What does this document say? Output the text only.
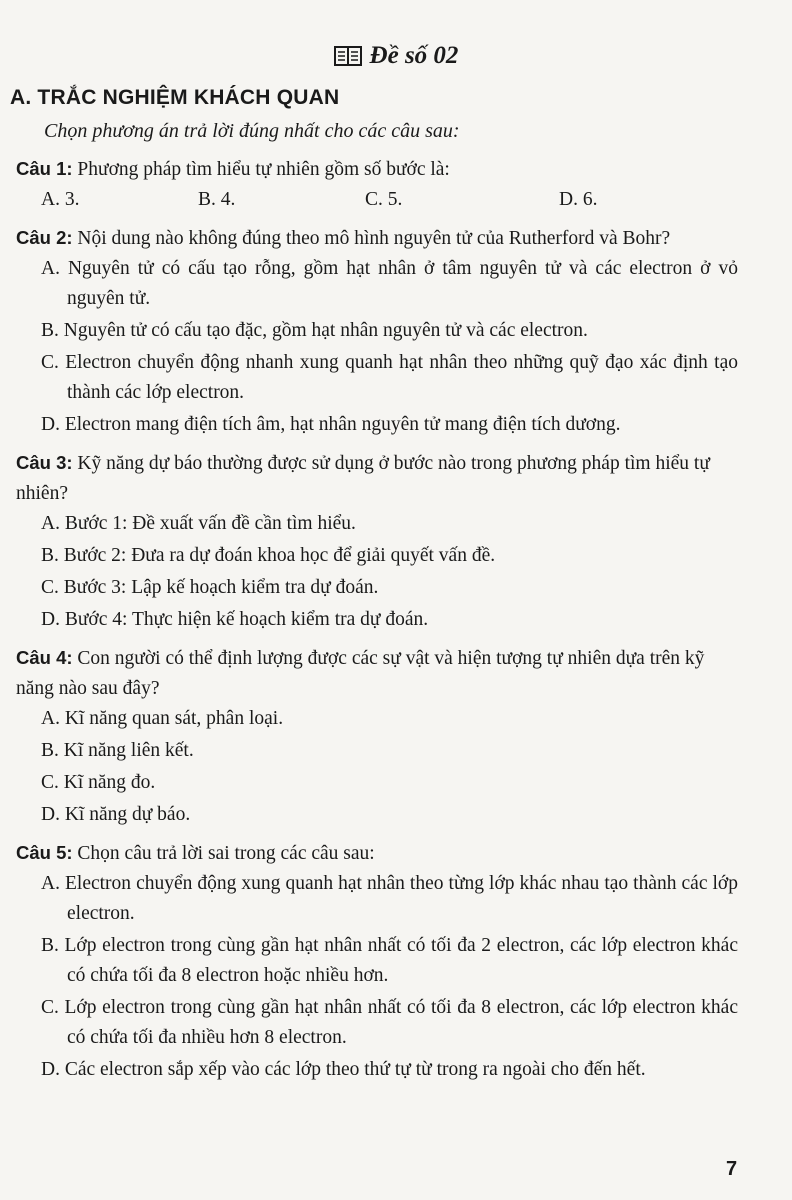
Đề số 02
A. TRẮC NGHIỆM KHÁCH QUAN
Chọn phương án trả lời đúng nhất cho các câu sau:

Câu 1: Phương pháp tìm hiểu tự nhiên gồm số bước là:

A. 3.	B. 4.	C. 5.	D. 6.

Câu 2: Nội dung nào không đúng theo mô hình nguyên tử của Rutherford và Bohr?

A. Nguyên tử có cấu tạo rỗng, gồm hạt nhân ở tâm nguyên tử và các electron ở vỏ nguyên tử.
B. Nguyên tử có cấu tạo đặc, gồm hạt nhân nguyên tử và các electron.
C. Electron chuyển động nhanh xung quanh hạt nhân theo những quỹ đạo xác định tạo thành các lớp electron.
D. Electron mang điện tích âm, hạt nhân nguyên tử mang điện tích dương.

Câu 3: Kỹ năng dự báo thường được sử dụng ở bước nào trong phương pháp tìm hiểu tự nhiên?

A. Bước 1: Đề xuất vấn đề cần tìm hiểu.
B. Bước 2: Đưa ra dự đoán khoa học để giải quyết vấn đề.
C. Bước 3: Lập kế hoạch kiểm tra dự đoán.
D. Bước 4: Thực hiện kế hoạch kiểm tra dự đoán.

Câu 4: Con người có thể định lượng được các sự vật và hiện tượng tự nhiên dựa trên kỹ năng nào sau đây?

A. Kĩ năng quan sát, phân loại.
B. Kĩ năng liên kết.
C. Kĩ năng đo.
D. Kĩ năng dự báo.

Câu 5: Chọn câu trả lời sai trong các câu sau:

A. Electron chuyển động xung quanh hạt nhân theo từng lớp khác nhau tạo thành các lớp electron.
B. Lớp electron trong cùng gần hạt nhân nhất có tối đa 2 electron, các lớp electron khác có chứa tối đa 8 electron hoặc nhiều hơn.
C. Lớp electron trong cùng gần hạt nhân nhất có tối đa 8 electron, các lớp electron khác có chứa tối đa nhiều hơn 8 electron.
D. Các electron sắp xếp vào các lớp theo thứ tự từ trong ra ngoài cho đến hết.
7
